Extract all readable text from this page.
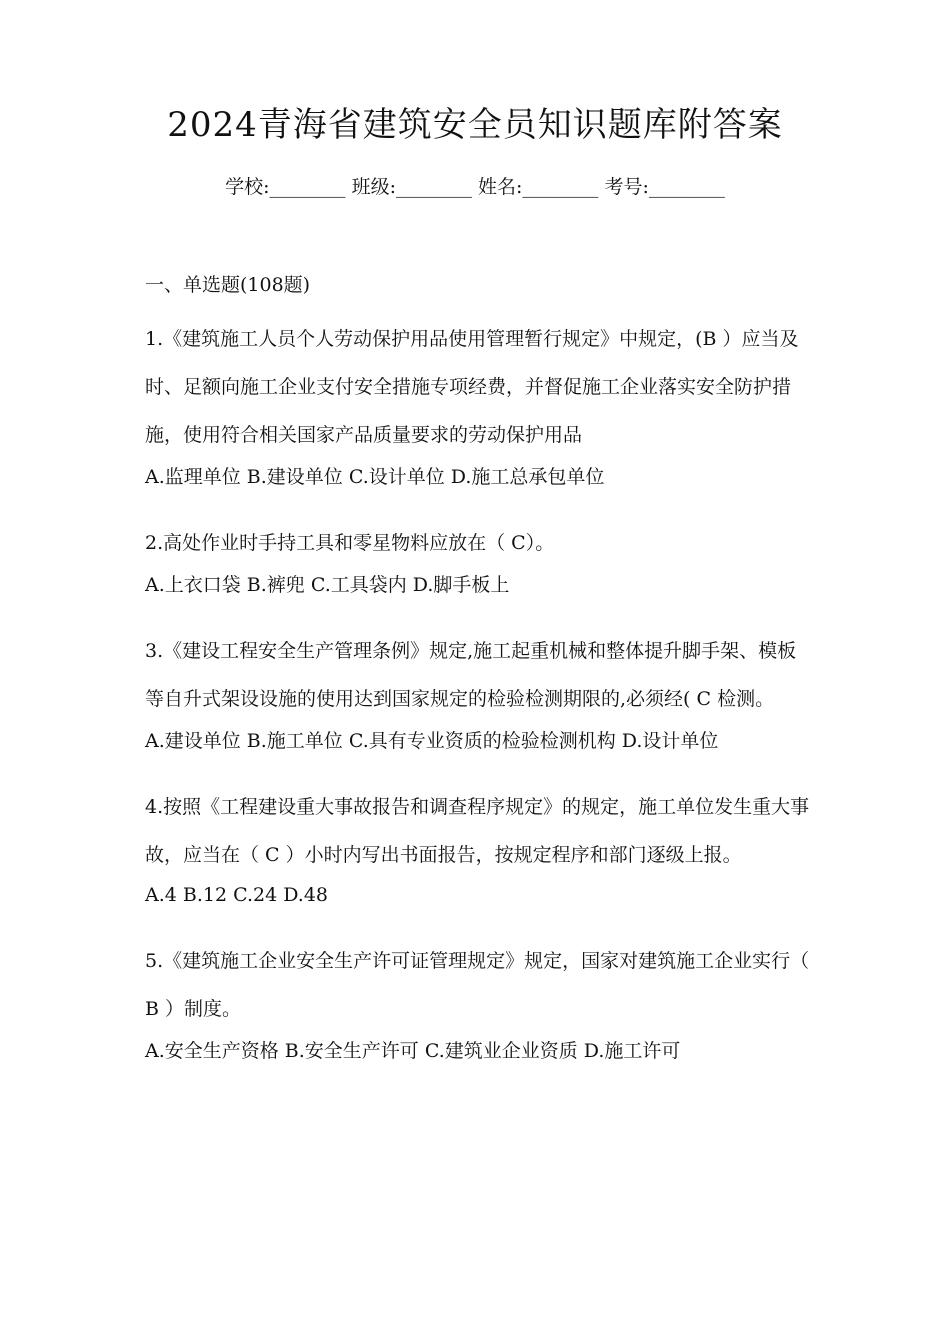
2024青海省建筑安全员知识题库附答案
学校:________ 班级:________ 姓名:________ 考号:________

一、单选题(108题)

1.《建筑施工人员个人劳动保护用品使用管理暂行规定》中规定，(B ）应当及时、足额向施工企业支付安全措施专项经费，并督促施工企业落实安全防护措施，使用符合相关国家产品质量要求的劳动保护用品

A.监理单位 B.建设单位 C.设计单位 D.施工总承包单位

2.高处作业时手持工具和零星物料应放在（ C）。

A.上衣口袋 B.裤兜 C.工具袋内 D.脚手板上

3.《建设工程安全生产管理条例》规定,施工起重机械和整体提升脚手架、模板等自升式架设设施的使用达到国家规定的检验检测期限的,必须经( C 检测。

A.建设单位 B.施工单位 C.具有专业资质的检验检测机构 D.设计单位

4.按照《工程建设重大事故报告和调查程序规定》的规定，施工单位发生重大事故，应当在（ C ）小时内写出书面报告，按规定程序和部门逐级上报。

A.4 B.12 C.24 D.48

5.《建筑施工企业安全生产许可证管理规定》规定，国家对建筑施工企业实行（ B ）制度。

A.安全生产资格 B.安全生产许可 C.建筑业企业资质 D.施工许可
